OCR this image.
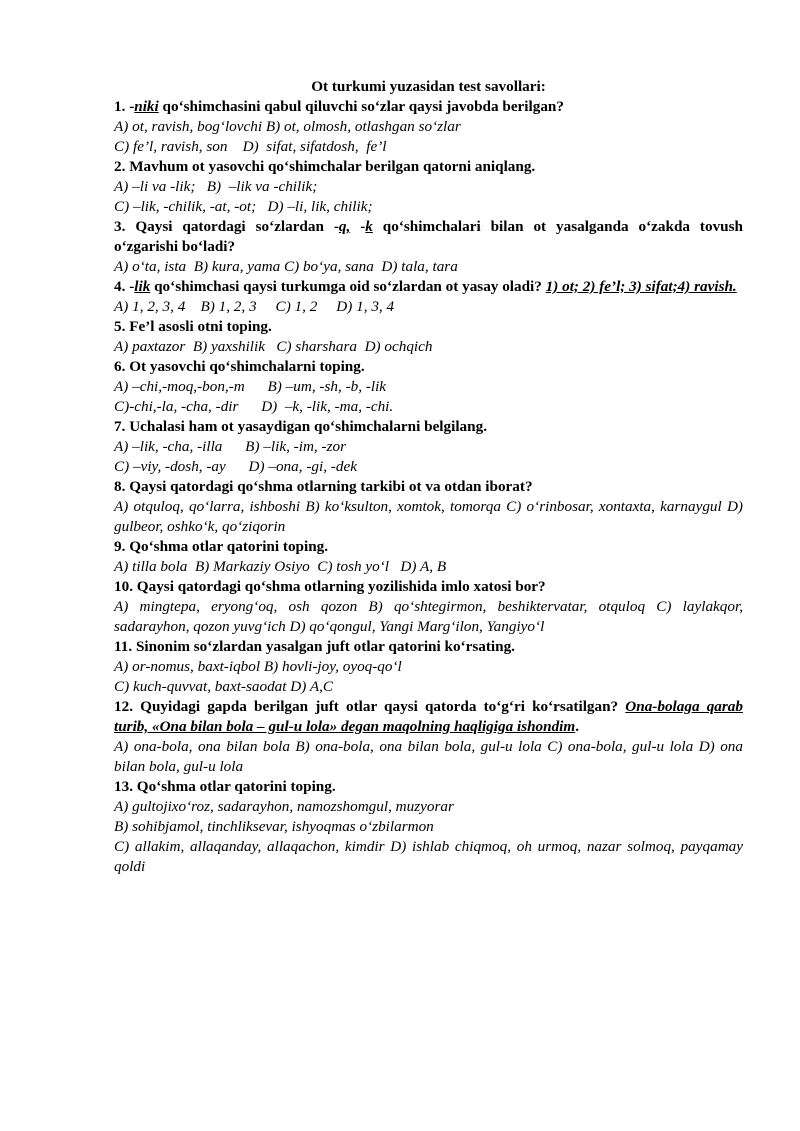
Ot turkumi yuzasidan test savollari:
1. -niki qo‘shimchasini qabul qiluvchi so‘zlar qaysi javobda berilgan?
A) ot, ravish, bog‘lovchi B) ot, olmosh, otlashgan so‘zlar
C) fe’l, ravish, son    D)  sifat, sifatdosh,  fe’l
2. Mavhum ot yasovchi qo‘shimchalar berilgan qatorni aniqlang.
A) –li va -lik;   B)  –lik va -chilik;
C) –lik, -chilik, -at, -ot;   D) –li, lik, chilik;
3. Qaysi qatordagi so‘zlardan -q, -k qo‘shimchalari bilan ot yasalganda o‘zakda tovush o‘zgarishi bo‘ladi?
A) o‘ta, ista  B) kura, yama C) bo‘ya, sana  D) tala, tara
4. -lik qo‘shimchasi qaysi turkumga oid so‘zlardan ot yasay oladi? 1) ot; 2) fe’l; 3) sifat;4) ravish.
A) 1, 2, 3, 4    B) 1, 2, 3     C) 1, 2     D) 1, 3, 4
5. Fe’l asosli otni toping.
A) paxtazor  B) yaxshilik   C) sharshara  D) ochqich
6. Ot yasovchi qo‘shimchalarni toping.
A) –chi,-moq,-bon,-m      B) –um, -sh, -b, -lik
C)-chi,-la, -cha, -dir      D)  –k, -lik, -ma, -chi.
7. Uchalasi ham ot yasaydigan qo‘shimchalarni belgilang.
A) –lik, -cha, -illa      B) –lik, -im, -zor
C) –viy, -dosh, -ay      D) –ona, -gi, -dek
8. Qaysi qatordagi qo‘shma otlarning tarkibi ot va otdan iborat?
A) otquloq, qo‘larra, ishboshi B) ko‘ksulton, xomtok, tomorqa C) o‘rinbosar, xontaxta, karnaygul D) gulbeor, oshko‘k, qo‘ziqorin
9. Qo‘shma otlar qatorini toping.
A) tilla bola  B) Markaziy Osiyo  C) tosh yo‘l   D) A, B
10. Qaysi qatordagi qo‘shma otlarning yozilishida imlo xatosi bor?
A) mingtepa, eryong‘oq, osh qozon B) qo‘shtegirmon, beshiktervatar, otquloq C) laylakqor, sadarayhon, qozon yuvg‘ich D) qo‘qongul, Yangi Marg‘ilon, Yangiyo‘l
11. Sinonim so‘zlardan yasalgan juft otlar qatorini ko‘rsating.
A) or-nomus, baxt-iqbol B) hovli-joy, oyoq-qo‘l
C) kuch-quvvat, baxt-saodat D) A,C
12. Quyidagi gapda berilgan juft otlar qaysi qatorda to‘g‘ri ko‘rsatilgan? Ona-bolaga qarab turib, «Ona bilan bola – gul-u lola» degan maqolning haqligiga ishondim.
A) ona-bola, ona bilan bola B) ona-bola, ona bilan bola, gul-u lola C) ona-bola, gul-u lola D) ona bilan bola, gul-u lola
13. Qo‘shma otlar qatorini toping.
A) gultojixo‘roz, sadarayhon, namozshomgul, muzyorar
B) sohibjamol, tinchliksevar, ishyoqmas o‘zbilarmon
C) allakim, allaqanday, allaqachon, kimdir D) ishlab chiqmoq, oh urmoq, nazar solmoq, payqamay qoldi
